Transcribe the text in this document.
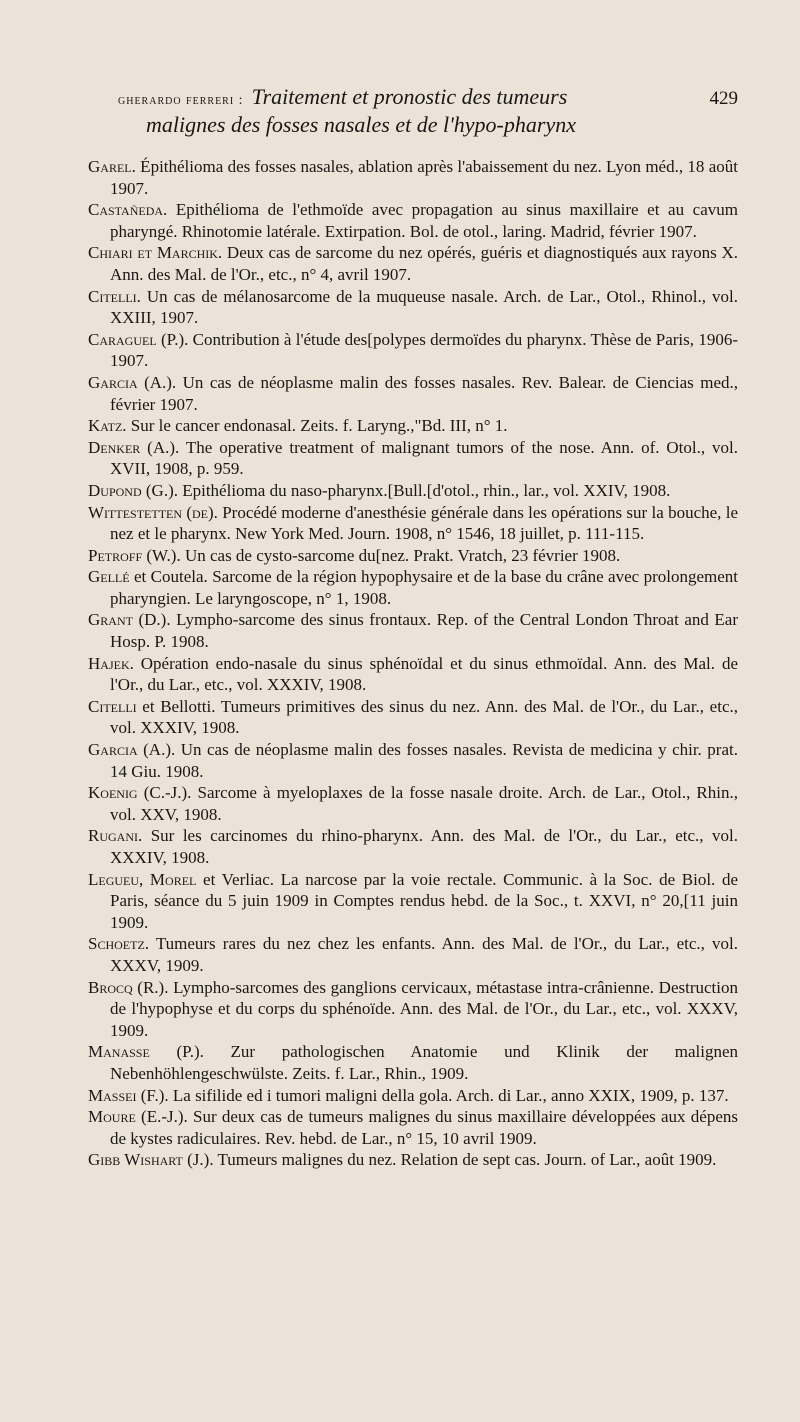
gherardo ferreri : Traitement et pronostic des tumeurs	429
malignes des fosses nasales et de l'hypo-pharynx
Garel. Épithélioma des fosses nasales, ablation après l'abaissement du nez. Lyon méd., 18 août 1907.
Castañeda. Epithélioma de l'ethmoïde avec propagation au sinus maxillaire et au cavum pharyngé. Rhinotomie latérale. Extirpation. Bol. de otol., laring. Madrid, février 1907.
Chiari et Marchik. Deux cas de sarcome du nez opérés, guéris et diagnostiqués aux rayons X. Ann. des Mal. de l'Or., etc., n° 4, avril 1907.
Citelli. Un cas de mélanosarcome de la muqueuse nasale. Arch. de Lar., Otol., Rhinol., vol. XXIII, 1907.
Caraguel (P.). Contribution à l'étude des[polypes dermoïdes du pharynx. Thèse de Paris, 1906-1907.
Garcia (A.). Un cas de néoplasme malin des fosses nasales. Rev. Balear. de Ciencias med., février 1907.
Katz. Sur le cancer endonasal. Zeits. f. Laryng.,"Bd. III, n° 1.
Denker (A.). The operative treatment of malignant tumors of the nose. Ann. of. Otol., vol. XVII, 1908, p. 959.
Dupond (G.). Epithélioma du naso-pharynx.[Bull.[d'otol., rhin., lar., vol. XXIV, 1908.
Wittestetten (de). Procédé moderne d'anesthésie générale dans les opérations sur la bouche, le nez et le pharynx. New York Med. Journ. 1908, n° 1546, 18 juillet, p. 111-115.
Petroff (W.). Un cas de cysto-sarcome du[nez. Prakt. Vratch, 23 février 1908.
Gellé et Coutela. Sarcome de la région hypophysaire et de la base du crâne avec prolongement pharyngien. Le laryngoscope, n° 1, 1908.
Grant (D.). Lympho-sarcome des sinus frontaux. Rep. of the Central London Throat and Ear Hosp. P. 1908.
Hajek. Opération endo-nasale du sinus sphénoïdal et du sinus ethmoïdal. Ann. des Mal. de l'Or., du Lar., etc., vol. XXXIV, 1908.
Citelli et Bellotti. Tumeurs primitives des sinus du nez. Ann. des Mal. de l'Or., du Lar., etc., vol. XXXIV, 1908.
Garcia (A.). Un cas de néoplasme malin des fosses nasales. Revista de medicina y chir. prat. 14 Giu. 1908.
Koenig (C.-J.). Sarcome à myeloplaxes de la fosse nasale droite. Arch. de Lar., Otol., Rhin., vol. XXV, 1908.
Rugani. Sur les carcinomes du rhino-pharynx. Ann. des Mal. de l'Or., du Lar., etc., vol. XXXIV, 1908.
Legueu, Morel et Verliac. La narcose par la voie rectale. Communic. à la Soc. de Biol. de Paris, séance du 5 juin 1909 in Comptes rendus hebd. de la Soc., t. XXVI, n° 20,[11 juin 1909.
Schoetz. Tumeurs rares du nez chez les enfants. Ann. des Mal. de l'Or., du Lar., etc., vol. XXXV, 1909.
Brocq (R.). Lympho-sarcomes des ganglions cervicaux, métastase intra-crânienne. Destruction de l'hypophyse et du corps du sphénoïde. Ann. des Mal. de l'Or., du Lar., etc., vol. XXXV, 1909.
Manasse (P.). Zur pathologischen Anatomie und Klinik der malignen Nebenhöhlengeschwülste. Zeits. f. Lar., Rhin., 1909.
Massei (F.). La sifilide ed i tumori maligni della gola. Arch. di Lar., anno XXIX, 1909, p. 137.
Moure (E.-J.). Sur deux cas de tumeurs malignes du sinus maxillaire développées aux dépens de kystes radiculaires. Rev. hebd. de Lar., n° 15, 10 avril 1909.
Gibb Wishart (J.). Tumeurs malignes du nez. Relation de sept cas. Journ. of Lar., août 1909.
